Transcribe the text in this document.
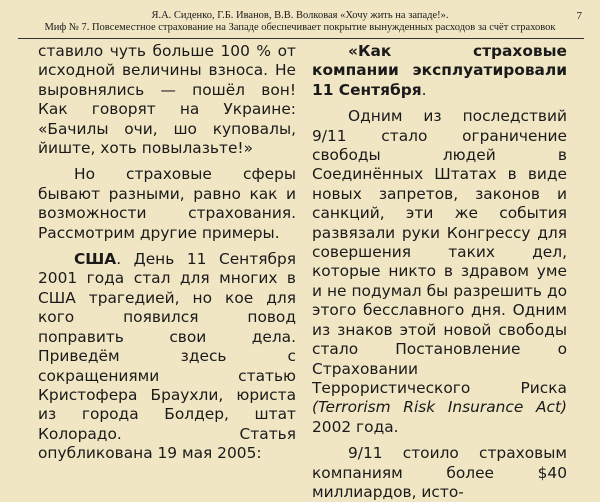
Я.А. Сиденко, Г.Б. Иванов, В.В. Волковая «Хочу жить на западе!».
Миф № 7. Повсеместное страхование на Западе обеспечивает покрытие вынужденных расходов за счёт страховок
7

ставило чуть больше 100 % от исходной величины взноса. Не выровнялись — пошёл вон! Как говорят на Украине: «Бачилы очи, шо куповалы, йиште, хоть повылазьте!»

Но страховые сферы бывают разными, равно как и возможности страхования. Рассмотрим другие примеры.

США. День 11 Сентября 2001 года стал для многих в США трагедией, но кое для кого появился повод поправить свои дела. Приведём здесь с сокращениями статью Кристофера Браухли, юриста из города Болдер, штат Колорадо. Статья опубликована 19 мая 2005:

«Как страховые компании эксплуатировали 11 Сентября.

Одним из последствий 9/11 стало ограничение свободы людей в Соединённых Штатах в виде новых запретов, законов и санкций, эти же события развязали руки Конгрессу для совершения таких дел, которые никто в здравом уме и не подумал бы разрешить до этого бесславного дня. Одним из знаков этой новой свободы стало Постановление о Страховании Террористического Риска (Terrorism Risk Insurance Act) 2002 года.

9/11 стоило страховым компаниям более $40 миллиардов, исто-
